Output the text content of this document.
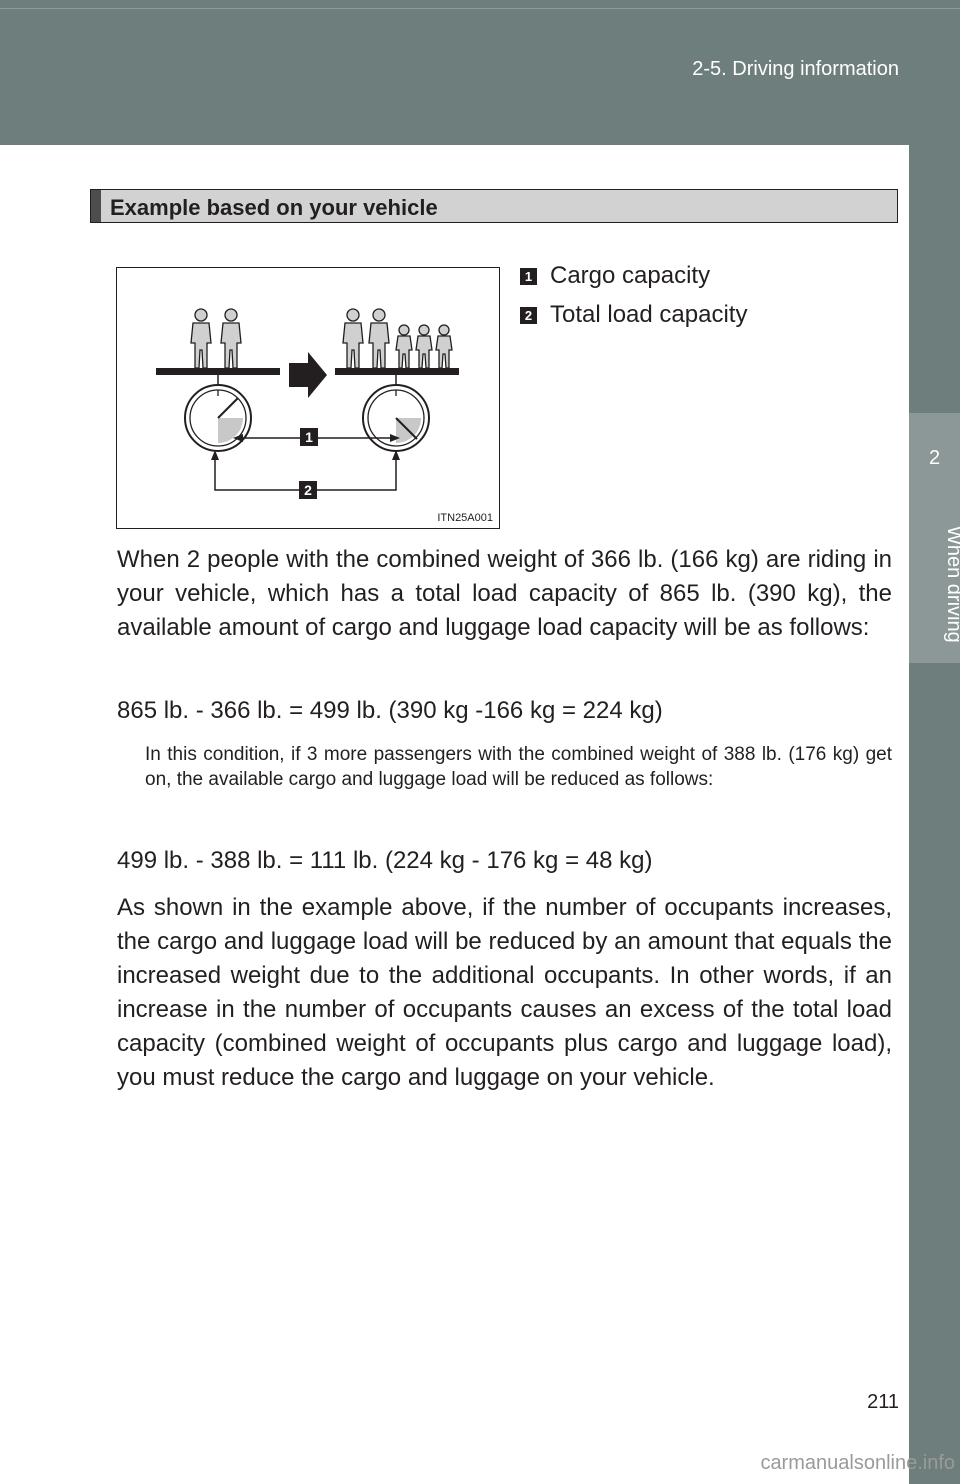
2-5. Driving information
2
When driving
Example based on your vehicle
1
2
ITN25A001
1 Cargo capacity
2 Total load capacity

When 2 people with the combined weight of 366 lb. (166 kg) are riding in your vehicle, which has a total load capacity of 865 lb. (390 kg), the available amount of cargo and luggage load capacity will be as follows:

865 lb. - 366 lb. = 499 lb. (390 kg -166 kg = 224 kg)

In this condition, if 3 more passengers with the combined weight of 388 lb. (176 kg) get on, the available cargo and luggage load will be reduced as follows:

499 lb. - 388 lb. = 111 lb. (224 kg - 176 kg = 48 kg)

As shown in the example above, if the number of occupants increases, the cargo and luggage load will be reduced by an amount that equals the increased weight due to the additional occupants. In other words, if an increase in the number of occupants causes an excess of the total load capacity (combined weight of occupants plus cargo and luggage load), you must reduce the cargo and luggage on your vehicle.

211
carmanualsonline.info
